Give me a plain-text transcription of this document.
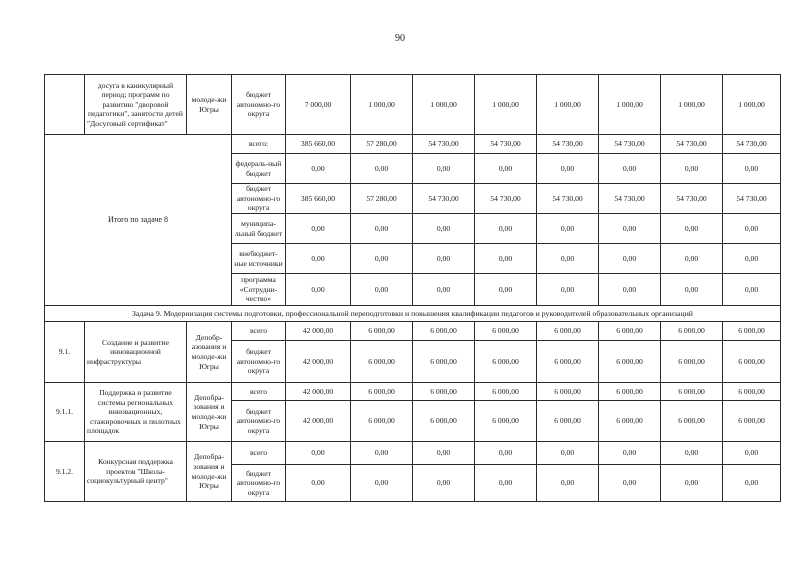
90
	досуга в каникулярный период; программ по развитию "дворовой педагогики", занятости детей "Досуговый сертификат"	молоде-жи Югры	бюджет автономно-го округа	7 000,00	1 000,00	1 000,00	1 000,00	1 000,00	1 000,00	1 000,00	1 000,00
Итого по задаче 8			всего:	385 660,00	57 280,00	54 730,00	54 730,00	54 730,00	54 730,00	54 730,00	54 730,00
			федераль-ный бюджет	0,00	0,00	0,00	0,00	0,00	0,00	0,00	0,00
			бюджет автономно-го округа	385 660,00	57 280,00	54 730,00	54 730,00	54 730,00	54 730,00	54 730,00	54 730,00
			муниципа-льный бюджет	0,00	0,00	0,00	0,00	0,00	0,00	0,00	0,00
			внебюджет-ные источники	0,00	0,00	0,00	0,00	0,00	0,00	0,00	0,00
			программа «Сотрудни-чество»	0,00	0,00	0,00	0,00	0,00	0,00	0,00	0,00
Задача 9. Модернизация системы подготовки, профессиональной переподготовки и повышения квалификации педагогов и руководителей образовательных организаций											
9.1.	Создание и развитие инновационной инфраструктуры	Депобр-азования и молоде-жи Югры	всего	42 000,00	6 000,00	6 000,00	6 000,00	6 000,00	6 000,00	6 000,00	6 000,00
			бюджет автономно-го округа	42 000,00	6 000,00	6 000,00	6 000,00	6 000,00	6 000,00	6 000,00	6 000,00
9.1.1.	Поддержка и развитие системы региональных инновационных, стажировочных и пилотных площадок	Депобра-зования и молоде-жи Югры	всего	42 000,00	6 000,00	6 000,00	6 000,00	6 000,00	6 000,00	6 000,00	6 000,00
			бюджет автономно-го округа	42 000,00	6 000,00	6 000,00	6 000,00	6 000,00	6 000,00	6 000,00	6 000,00
9.1.2.	Конкурсная поддержка проектов "Школа-социокультурный центр"	Депобра-зования и молоде-жи Югры	всего	0,00	0,00	0,00	0,00	0,00	0,00	0,00	0,00
			бюджет автономно-го округа	0,00	0,00	0,00	0,00	0,00	0,00	0,00	0,00
